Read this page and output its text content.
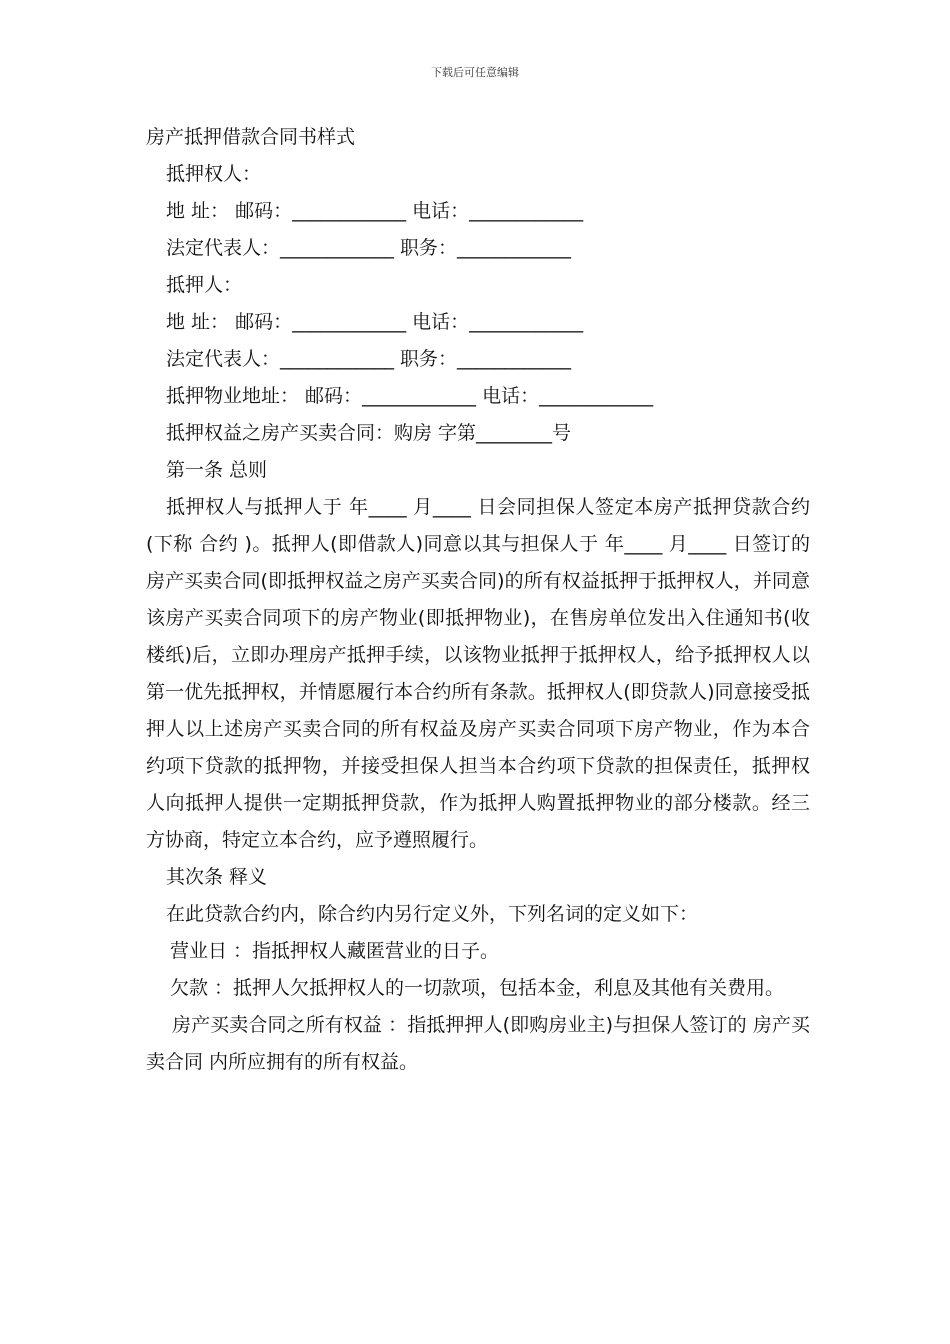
下载后可任意编辑
房产抵押借款合同书样式
抵押权人：
地 址： 邮码：____________ 电话：____________
法定代表人：____________ 职务：____________
抵押人：
地 址： 邮码：____________ 电话：____________
法定代表人：____________ 职务：____________
抵押物业地址： 邮码：____________ 电话：____________
抵押权益之房产买卖合同：购房 字第________号
第一条 总则
抵押权人与抵押人于 年____ 月____ 日会同担保人签定本房产抵押贷款合约(下称 合约 )。抵押人(即借款人)同意以其与担保人于 年____ 月____ 日签订的房产买卖合同(即抵押权益之房产买卖合同)的所有权益抵押于抵押权人，并同意该房产买卖合同项下的房产物业(即抵押物业)，在售房单位发出入住通知书(收楼纸)后，立即办理房产抵押手续，以该物业抵押于抵押权人，给予抵押权人以第一优先抵押权，并情愿履行本合约所有条款。抵押权人(即贷款人)同意接受抵押人以上述房产买卖合同的所有权益及房产买卖合同项下房产物业，作为本合约项下贷款的抵押物，并接受担保人担当本合约项下贷款的担保责任，抵押权人向抵押人提供一定期抵押贷款，作为抵押人购置抵押物业的部分楼款。经三方协商，特定立本合约，应予遵照履行。
其次条 释义
在此贷款合约内，除合约内另行定义外，下列名词的定义如下：
营业日 ：指抵押权人藏匿营业的日子。
欠款 ：抵押人欠抵押权人的一切款项，包括本金，利息及其他有关费用。
房产买卖合同之所有权益 ：指抵押押人(即购房业主)与担保人签订的 房产买卖合同 内所应拥有的所有权益。
